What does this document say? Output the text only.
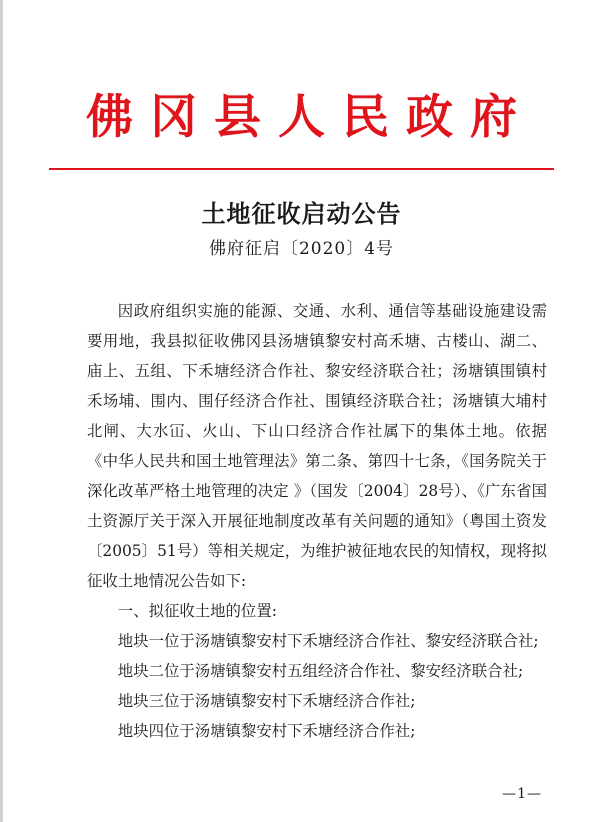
佛冈县人民政府
土地征收启动公告
佛府征启〔2020〕4号

因政府组织实施的能源、交通、水利、通信等基础设施建设需要用地，我县拟征收佛冈县汤塘镇黎安村高禾塘、古楼山、湖二、庙上、五组、下禾塘经济合作社、黎安经济联合社；汤塘镇围镇村禾场埔、围内、围仔经济合作社、围镇经济联合社；汤塘镇大埔村北闸、大水冚、火山、下山口经济合作社属下的集体土地。依据《中华人民共和国土地管理法》第二条、第四十七条，《国务院关于深化改革严格土地管理的决定 》（国发〔2004〕28号）、《广东省国土资源厅关于深入开展征地制度改革有关问题的通知》（粤国土资发〔2005〕51号）等相关规定，为维护被征地农民的知情权，现将拟征收土地情况公告如下:

一、拟征收土地的位置:

地块一位于汤塘镇黎安村下禾塘经济合作社、黎安经济联合社;

地块二位于汤塘镇黎安村五组经济合作社、黎安经济联合社;

地块三位于汤塘镇黎安村下禾塘经济合作社;

地块四位于汤塘镇黎安村下禾塘经济合作社;

—1—
